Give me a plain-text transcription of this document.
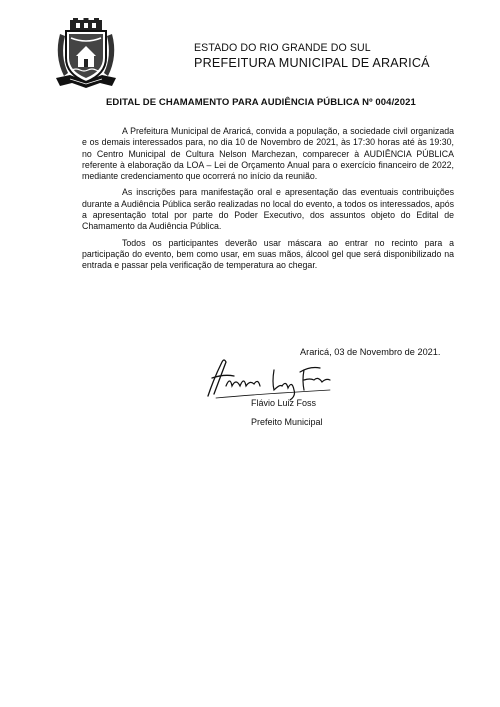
ESTADO DO RIO GRANDE DO SUL
PREFEITURA MUNICIPAL DE ARARICÁ
EDITAL DE CHAMAMENTO PARA AUDIÊNCIA PÚBLICA Nº 004/2021

A Prefeitura Municipal de Araricá, convida a população, a sociedade civil organizada e os demais interessados para, no dia 10 de Novembro de 2021, às 17:30 horas até às 19:30, no Centro Municipal de Cultura Nelson Marchezan, comparecer à AUDIÊNCIA PÚBLICA referente à elaboração da LOA – Lei de Orçamento Anual para o exercício financeiro de 2022, mediante credenciamento que ocorrerá no início da reunião.

As inscrições para manifestação oral e apresentação das eventuais contribuições durante a Audiência Pública serão realizadas no local do evento, a todos os interessados, após a apresentação total por parte do Poder Executivo, dos assuntos objeto do Edital de Chamamento da Audiência Pública.

Todos os participantes deverão usar máscara ao entrar no recinto para a participação do evento, bem como usar, em suas mãos, álcool gel que será disponibilizado na entrada e passar pela verificação de temperatura ao chegar.

Araricá, 03 de Novembro de 2021.
Flávio Luiz Foss
Prefeito Municipal
